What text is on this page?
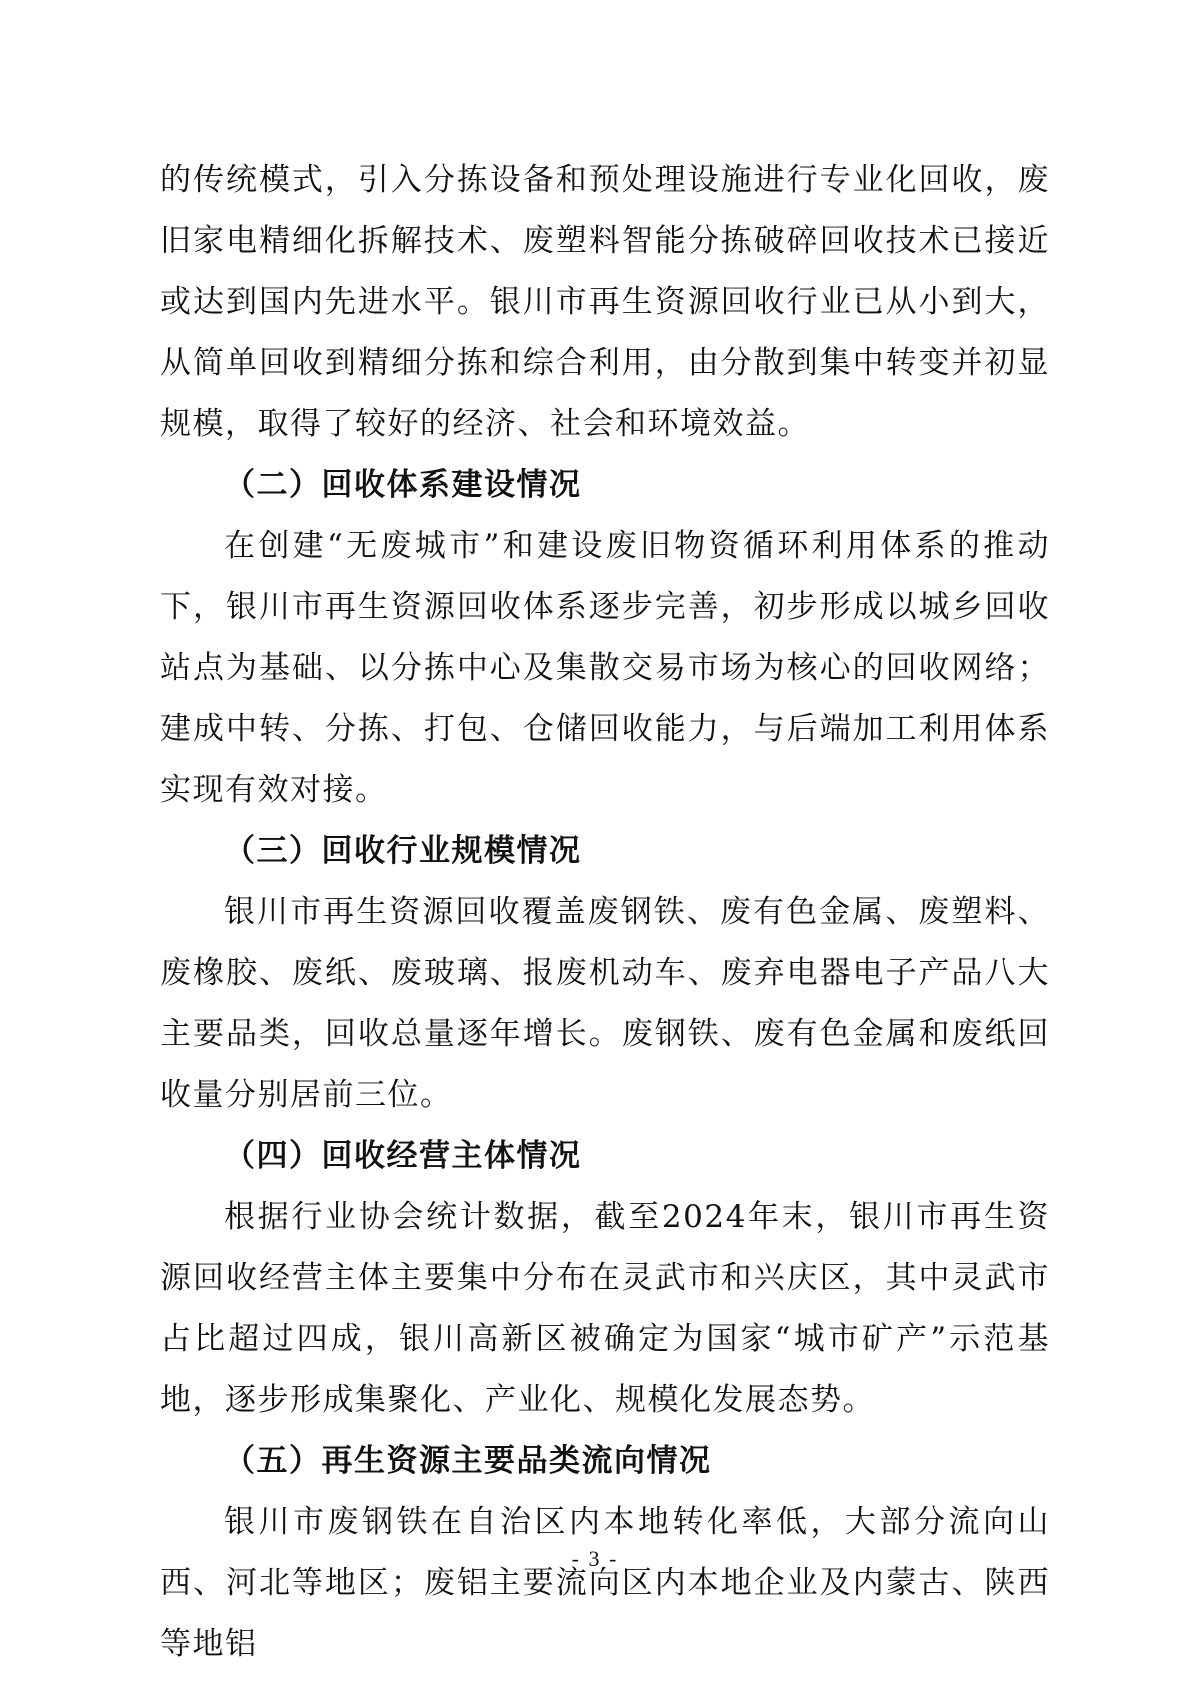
的传统模式，引入分拣设备和预处理设施进行专业化回收，废旧家电精细化拆解技术、废塑料智能分拣破碎回收技术已接近或达到国内先进水平。银川市再生资源回收行业已从小到大，从简单回收到精细分拣和综合利用，由分散到集中转变并初显规模，取得了较好的经济、社会和环境效益。

（二）回收体系建设情况

在创建“无废城市”和建设废旧物资循环利用体系的推动下，银川市再生资源回收体系逐步完善，初步形成以城乡回收站点为基础、以分拣中心及集散交易市场为核心的回收网络；建成中转、分拣、打包、仓储回收能力，与后端加工利用体系实现有效对接。

（三）回收行业规模情况

银川市再生资源回收覆盖废钢铁、废有色金属、废塑料、废橡胶、废纸、废玻璃、报废机动车、废弃电器电子产品八大主要品类，回收总量逐年增长。废钢铁、废有色金属和废纸回收量分别居前三位。

（四）回收经营主体情况

根据行业协会统计数据，截至2024年末，银川市再生资源回收经营主体主要集中分布在灵武市和兴庆区，其中灵武市占比超过四成，银川高新区被确定为国家“城市矿产”示范基地，逐步形成集聚化、产业化、规模化发展态势。

（五）再生资源主要品类流向情况

银川市废钢铁在自治区内本地转化率低，大部分流向山西、河北等地区；废铝主要流向区内本地企业及内蒙古、陕西等地铝

- 3 -
